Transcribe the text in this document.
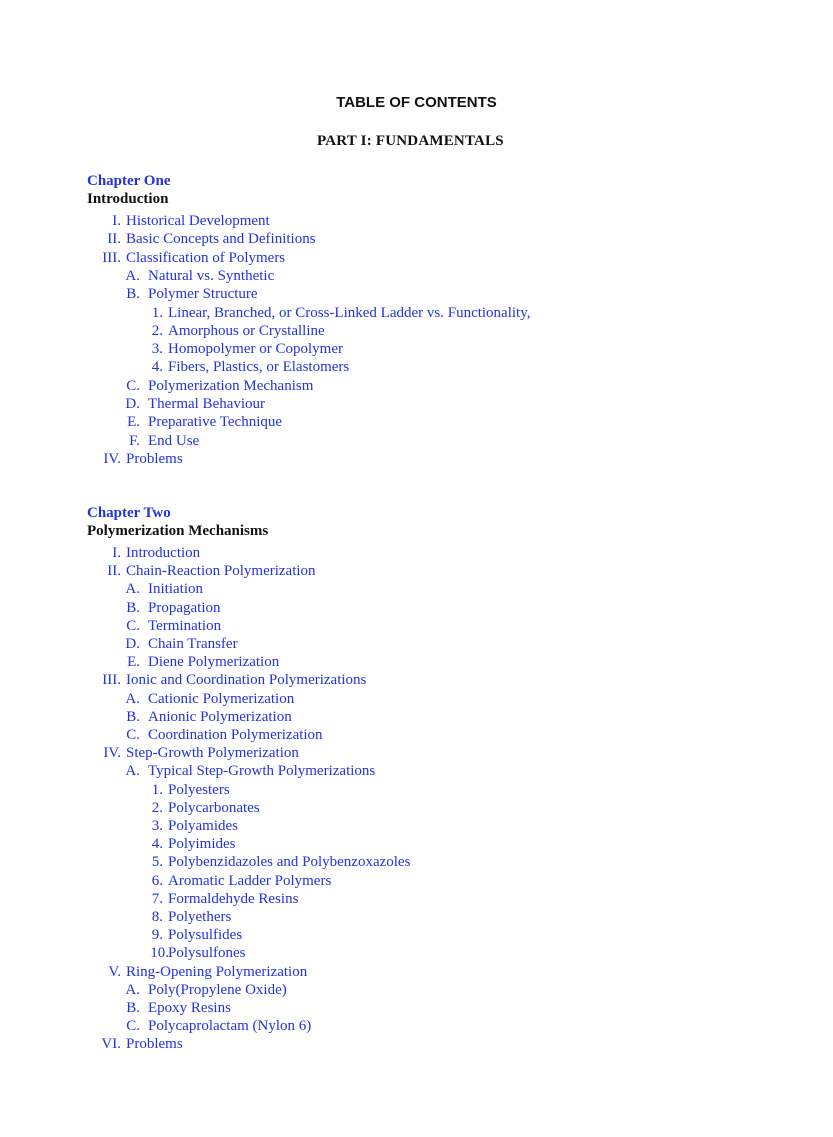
TABLE OF CONTENTS
PART I: FUNDAMENTALS
Chapter One
Introduction
I. Historical Development
II. Basic Concepts and Definitions
III. Classification of Polymers
A. Natural vs. Synthetic
B. Polymer Structure
1. Linear, Branched, or Cross-Linked Ladder vs. Functionality,
2. Amorphous or Crystalline
3. Homopolymer or Copolymer
4. Fibers, Plastics, or Elastomers
C. Polymerization Mechanism
D. Thermal Behaviour
E. Preparative Technique
F. End Use
IV. Problems
Chapter Two
Polymerization Mechanisms
I. Introduction
II. Chain-Reaction Polymerization
A. Initiation
B. Propagation
C. Termination
D. Chain Transfer
E. Diene Polymerization
III. Ionic and Coordination Polymerizations
A. Cationic Polymerization
B. Anionic Polymerization
C. Coordination Polymerization
IV. Step-Growth Polymerization
A. Typical Step-Growth Polymerizations
1. Polyesters
2. Polycarbonates
3. Polyamides
4. Polyimides
5. Polybenzidazoles and Polybenzoxazoles
6. Aromatic Ladder Polymers
7. Formaldehyde Resins
8. Polyethers
9. Polysulfides
10. Polysulfones
V. Ring-Opening Polymerization
A. Poly(Propylene Oxide)
B. Epoxy Resins
C. Polycaprolactam (Nylon 6)
VI. Problems
